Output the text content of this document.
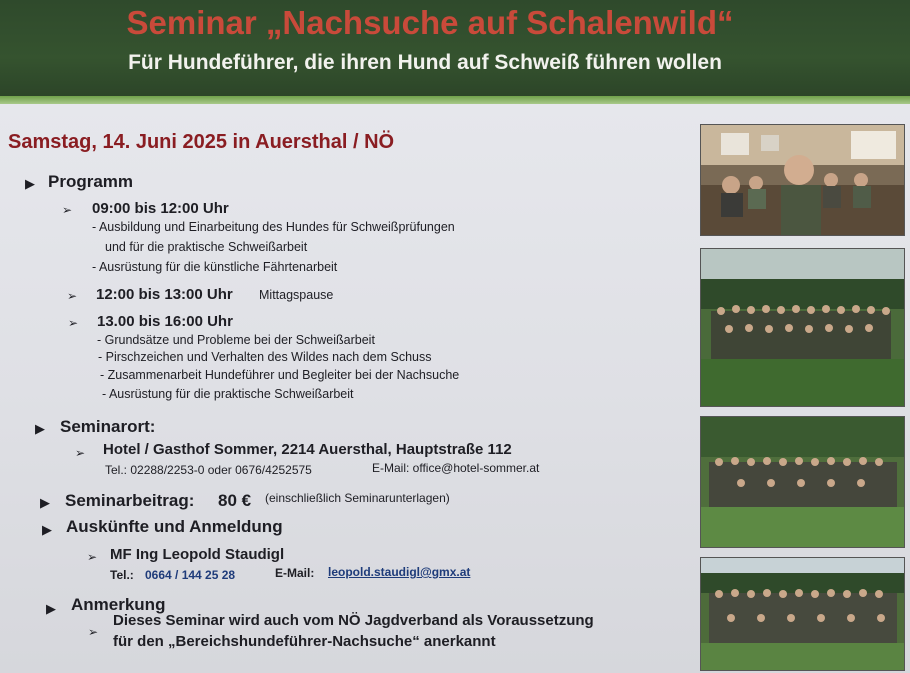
Seminar „Nachsuche auf Schalenwild“
Für Hundeführer, die ihren Hund auf Schweiß führen wollen
Samstag, 14. Juni 2025 in Auersthal / NÖ
▶ Programm
➢ 09:00 bis 12:00 Uhr
- Ausbildung und Einarbeitung des Hundes für Schweißprüfungen
und für die praktische Schweißarbeit
- Ausrüstung für die künstliche Fährtenarbeit
➢ 12:00 bis 13:00 Uhr Mittagspause
➢ 13.00 bis 16:00 Uhr
- Grundsätze und Probleme bei der Schweißarbeit
- Pirschzeichen und Verhalten des Wildes nach dem Schuss
- Zusammenarbeit Hundeführer und Begleiter bei der Nachsuche
- Ausrüstung für die praktische Schweißarbeit
▶ Seminarort:
➢ Hotel / Gasthof Sommer, 2214 Auersthal, Hauptstraße 112
Tel.: 02288/2253-0 oder 0676/4252575	E-Mail: office@hotel-sommer.at
▶ Seminarbeitrag: 80 € (einschließlich Seminarunterlagen)
▶ Auskünfte und Anmeldung
➢ MF Ing Leopold Staudigl
Tel.: 0664 / 144 25 28	E-Mail: leopold.staudigl@gmx.at
▶ Anmerkung
➢
Dieses Seminar wird auch vom NÖ Jagdverband als Voraussetzung
für den „Bereichshundeführer-Nachsuche“ anerkannt
